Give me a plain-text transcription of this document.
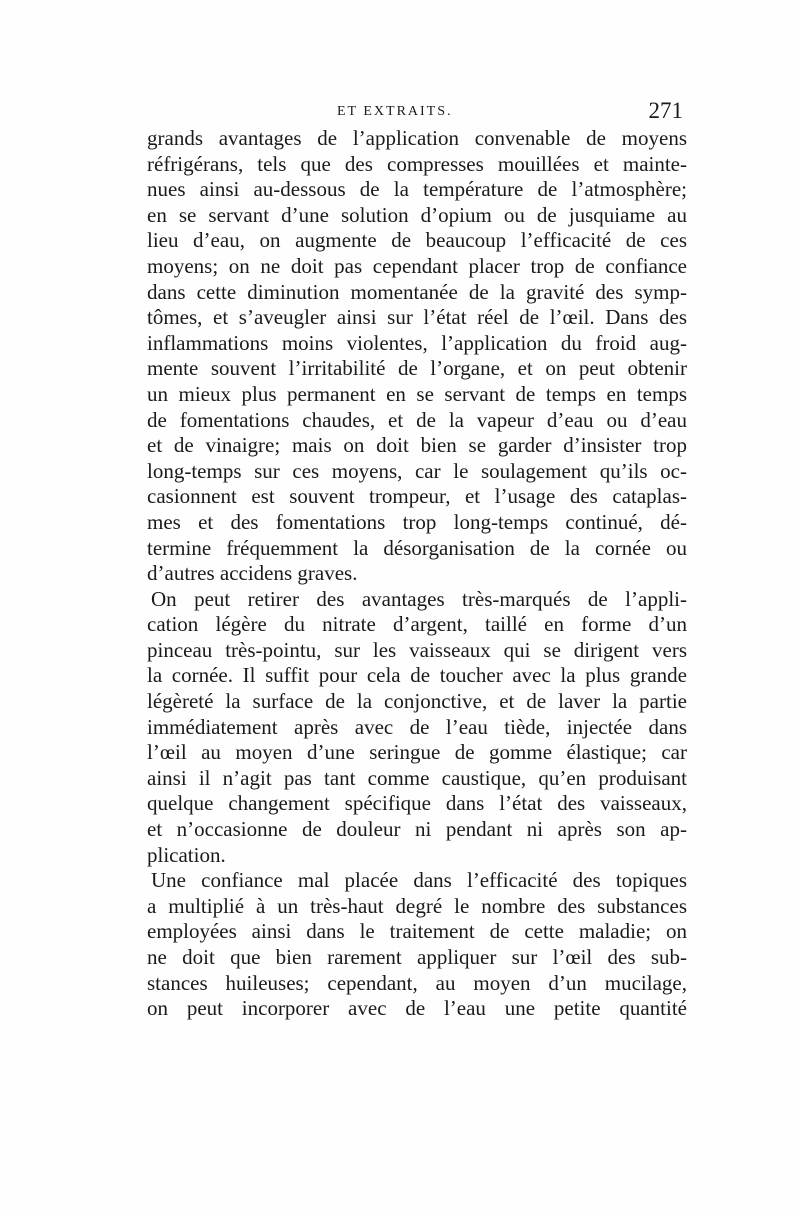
ET EXTRAITS.	271
grands avantages de l’application convenable de moyens
réfrigérans, tels que des compresses mouillées et mainte-
nues ainsi au-dessous de la température de l’atmosphère;
en se servant d’une solution d’opium ou de jusquiame au
lieu d’eau, on augmente de beaucoup l’efficacité de ces
moyens; on ne doit pas cependant placer trop de confiance
dans cette diminution momentanée de la gravité des symp-
tômes, et s’aveugler ainsi sur l’état réel de l’œil. Dans des
inflammations moins violentes, l’application du froid aug-
mente souvent l’irritabilité de l’organe, et on peut obtenir
un mieux plus permanent en se servant de temps en temps
de fomentations chaudes, et de la vapeur d’eau ou d’eau
et de vinaigre; mais on doit bien se garder d’insister trop
long-temps sur ces moyens, car le soulagement qu’ils oc-
casionnent est souvent trompeur, et l’usage des cataplas-
mes et des fomentations trop long-temps continué, dé-
termine fréquemment la désorganisation de la cornée ou
d’autres accidens graves.
On peut retirer des avantages très-marqués de l’appli-
cation légère du nitrate d’argent, taillé en forme d’un
pinceau très-pointu, sur les vaisseaux qui se dirigent vers
la cornée. Il suffit pour cela de toucher avec la plus grande
légèreté la surface de la conjonctive, et de laver la partie
immédiatement après avec de l’eau tiède, injectée dans
l’œil au moyen d’une seringue de gomme élastique; car
ainsi il n’agit pas tant comme caustique, qu’en produisant
quelque changement spécifique dans l’état des vaisseaux,
et n’occasionne de douleur ni pendant ni après son ap-
plication.
Une confiance mal placée dans l’efficacité des topiques
a multiplié à un très-haut degré le nombre des substances
employées ainsi dans le traitement de cette maladie; on
ne doit que bien rarement appliquer sur l’œil des sub-
stances huileuses; cependant, au moyen d’un mucilage,
on peut incorporer avec de l’eau une petite quantité
